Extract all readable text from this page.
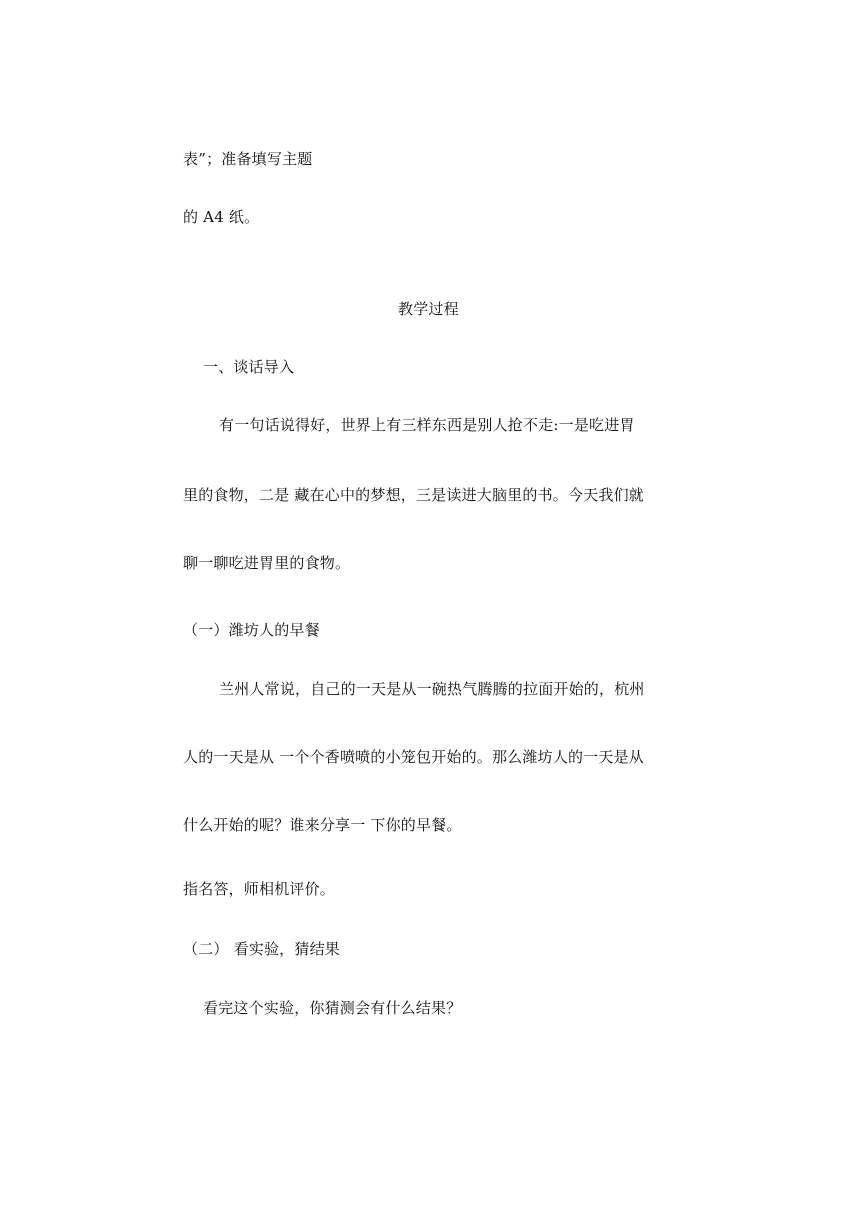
表”；准备填写主题
的 A4 纸。
教学过程
一、谈话导入
有一句话说得好，世界上有三样东西是别人抢不走:一是吃进胃
里的食物，二是 藏在心中的梦想，三是读进大脑里的书。今天我们就
聊一聊吃进胃里的食物。
（一）潍坊人的早餐
兰州人常说，自己的一天是从一碗热气腾腾的拉面开始的，杭州
人的一天是从 一个个香喷喷的小笼包开始的。那么潍坊人的一天是从
什么开始的呢？谁来分享一 下你的早餐。
指名答，师相机评价。
（二） 看实验，猜结果
看完这个实验，你猜测会有什么结果？
